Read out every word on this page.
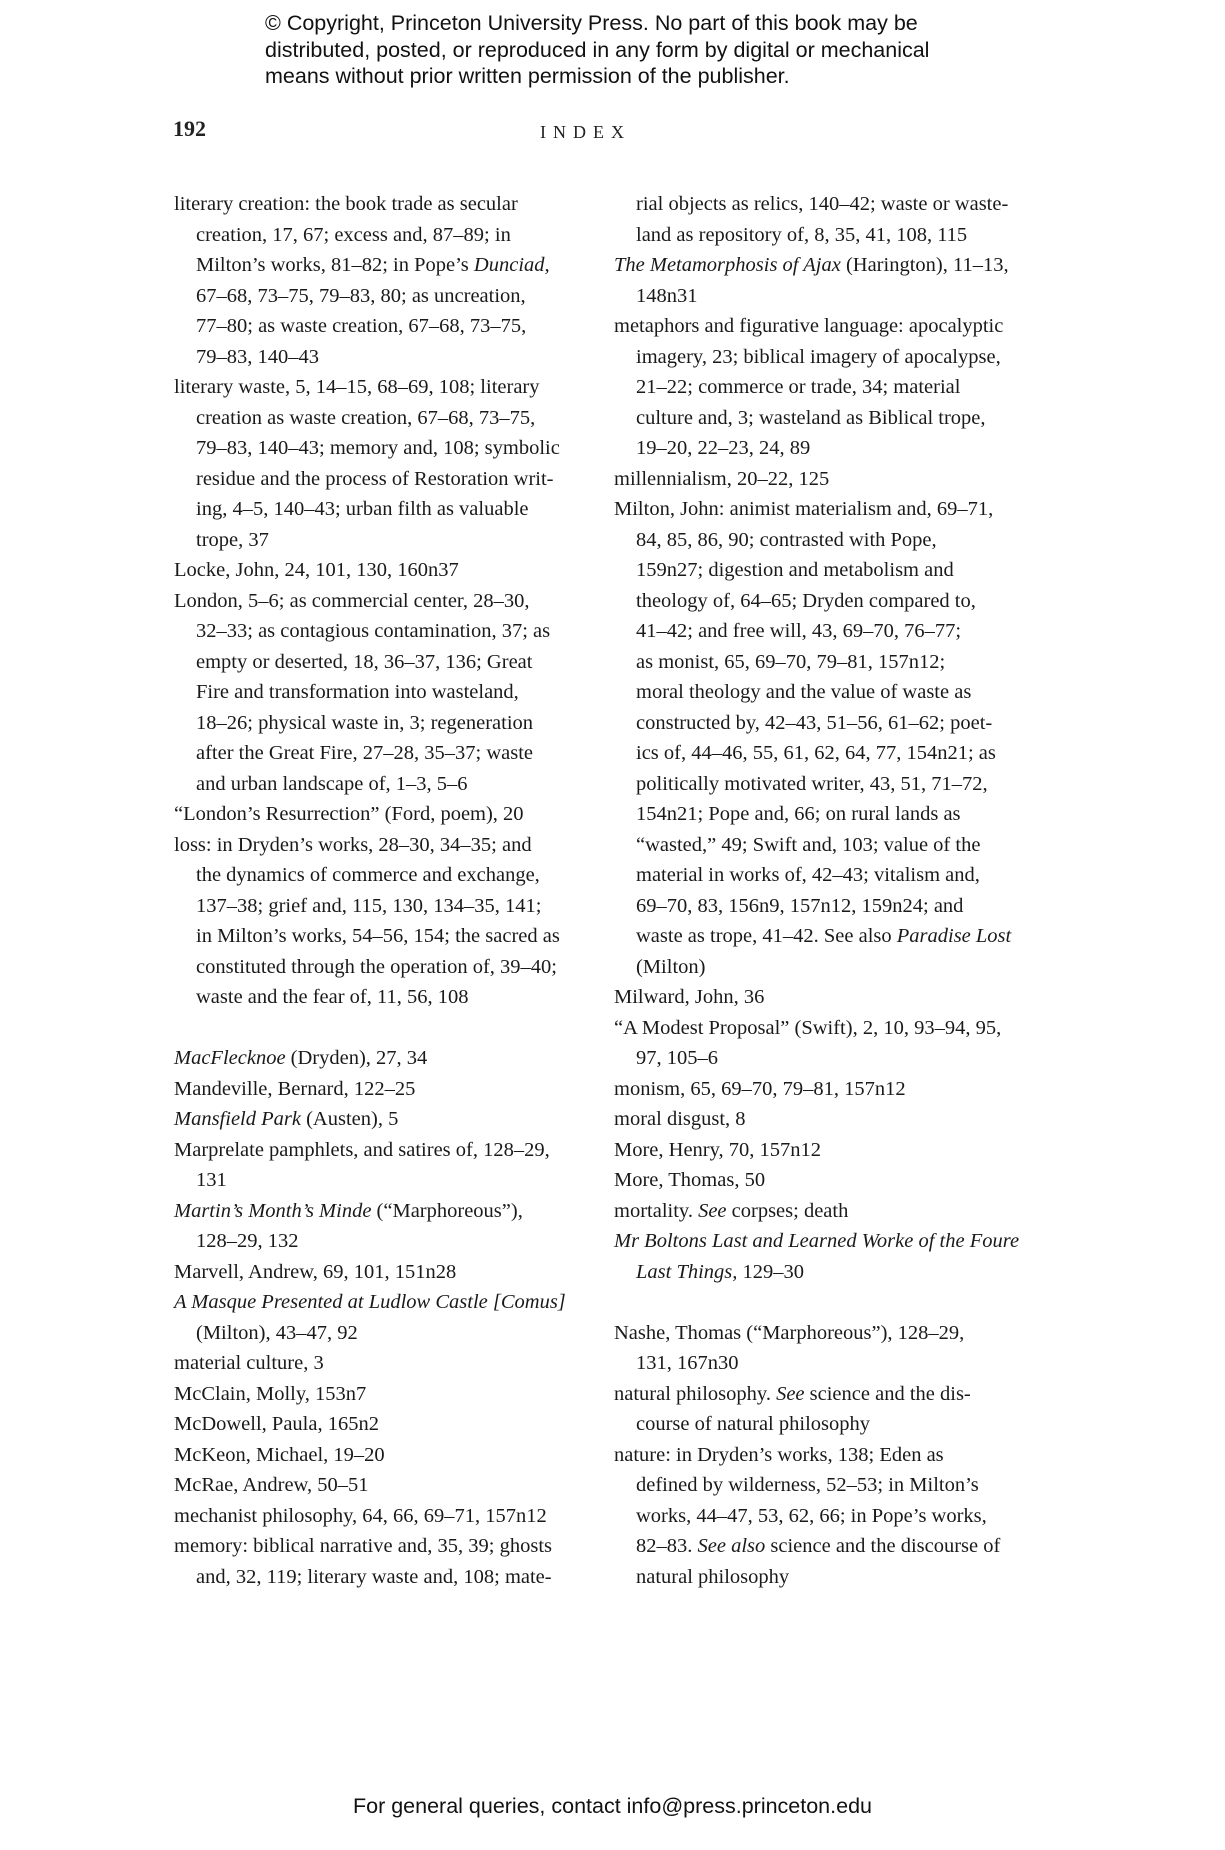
© Copyright, Princeton University Press. No part of this book may be
distributed, posted, or reproduced in any form by digital or mechanical
means without prior written permission of the publisher.
192	INDEX
literary creation: the book trade as secular
creation, 17, 67; excess and, 87–89; in
Milton’s works, 81–82; in Pope’s Dunciad,
67–68, 73–75, 79–83, 80; as uncreation,
77–80; as waste creation, 67–68, 73–75,
79–83, 140–43
literary waste, 5, 14–15, 68–69, 108; literary
creation as waste creation, 67–68, 73–75,
79–83, 140–43; memory and, 108; symbolic
residue and the process of Restoration writ-
ing, 4–5, 140–43; urban filth as valuable
trope, 37
Locke, John, 24, 101, 130, 160n37
London, 5–6; as commercial center, 28–30,
32–33; as contagious contamination, 37; as
empty or deserted, 18, 36–37, 136; Great
Fire and transformation into wasteland,
18–26; physical waste in, 3; regeneration
after the Great Fire, 27–28, 35–37; waste
and urban landscape of, 1–3, 5–6
“London’s Resurrection” (Ford, poem), 20
loss: in Dryden’s works, 28–30, 34–35; and
the dynamics of commerce and exchange,
137–38; grief and, 115, 130, 134–35, 141;
in Milton’s works, 54–56, 154; the sacred as
constituted through the operation of, 39–40;
waste and the fear of, 11, 56, 108
MacFlecknoe (Dryden), 27, 34
Mandeville, Bernard, 122–25
Mansfield Park (Austen), 5
Marprelate pamphlets, and satires of, 128–29,
131
Martin’s Month’s Minde (“Marphoreous”),
128–29, 132
Marvell, Andrew, 69, 101, 151n28
A Masque Presented at Ludlow Castle [Comus]
(Milton), 43–47, 92
material culture, 3
McClain, Molly, 153n7
McDowell, Paula, 165n2
McKeon, Michael, 19–20
McRae, Andrew, 50–51
mechanist philosophy, 64, 66, 69–71, 157n12
memory: biblical narrative and, 35, 39; ghosts
and, 32, 119; literary waste and, 108; mate-
rial objects as relics, 140–42; waste or waste-
land as repository of, 8, 35, 41, 108, 115
The Metamorphosis of Ajax (Harington), 11–13,
148n31
metaphors and figurative language: apocalyptic
imagery, 23; biblical imagery of apocalypse,
21–22; commerce or trade, 34; material
culture and, 3; wasteland as Biblical trope,
19–20, 22–23, 24, 89
millennialism, 20–22, 125
Milton, John: animist materialism and, 69–71,
84, 85, 86, 90; contrasted with Pope,
159n27; digestion and metabolism and
theology of, 64–65; Dryden compared to,
41–42; and free will, 43, 69–70, 76–77;
as monist, 65, 69–70, 79–81, 157n12;
moral theology and the value of waste as
constructed by, 42–43, 51–56, 61–62; poet-
ics of, 44–46, 55, 61, 62, 64, 77, 154n21; as
politically motivated writer, 43, 51, 71–72,
154n21; Pope and, 66; on rural lands as
“wasted,” 49; Swift and, 103; value of the
material in works of, 42–43; vitalism and,
69–70, 83, 156n9, 157n12, 159n24; and
waste as trope, 41–42. See also Paradise Lost
(Milton)
Milward, John, 36
“A Modest Proposal” (Swift), 2, 10, 93–94, 95,
97, 105–6
monism, 65, 69–70, 79–81, 157n12
moral disgust, 8
More, Henry, 70, 157n12
More, Thomas, 50
mortality. See corpses; death
Mr Boltons Last and Learned Worke of the Foure
Last Things, 129–30
Nashe, Thomas (“Marphoreous”), 128–29,
131, 167n30
natural philosophy. See science and the dis-
course of natural philosophy
nature: in Dryden’s works, 138; Eden as
defined by wilderness, 52–53; in Milton’s
works, 44–47, 53, 62, 66; in Pope’s works,
82–83. See also science and the discourse of
natural philosophy
For general queries, contact info@press.princeton.edu
